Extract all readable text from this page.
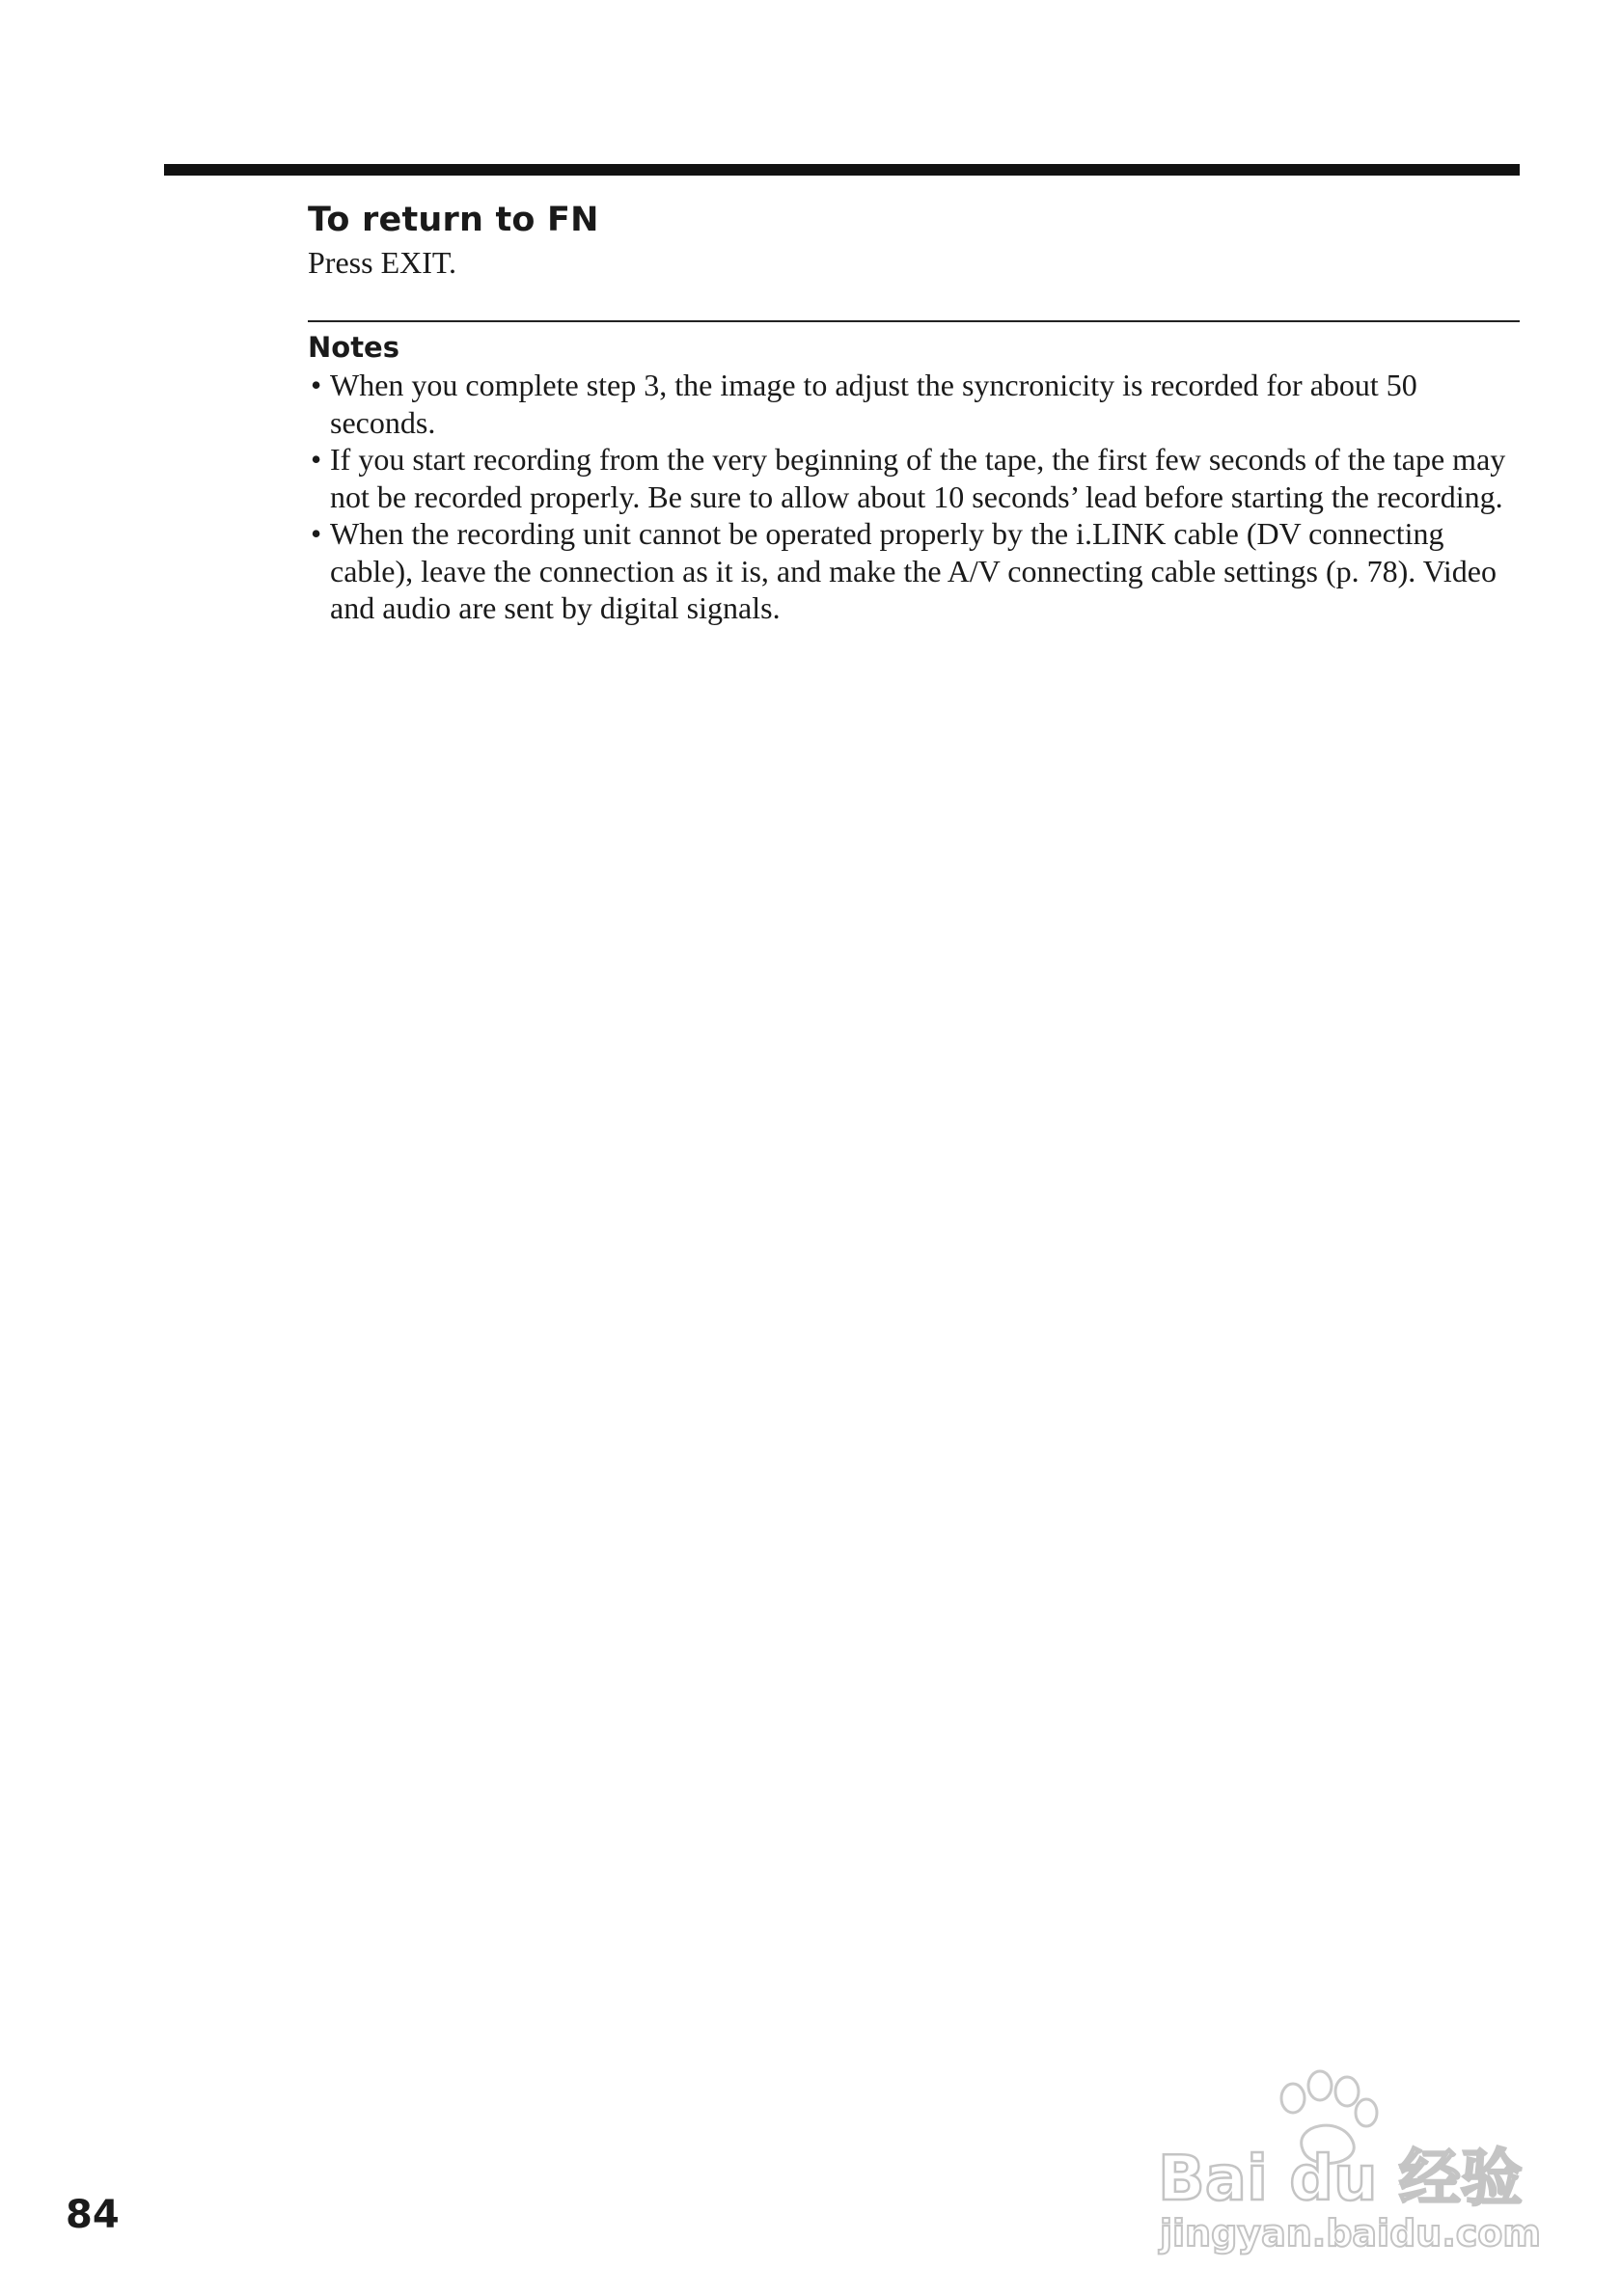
To return to FN

Press EXIT.

Notes
• When you complete step 3, the image to adjust the syncronicity is recorded for about 50 seconds.
• If you start recording from the very beginning of the tape, the first few seconds of the tape may not be recorded properly. Be sure to allow about 10 seconds’ lead before starting the recording.
• When the recording unit cannot be operated properly by the i.LINK cable (DV connecting cable), leave the connection as it is, and make the A/V connecting cable settings (p. 78). Video and audio are sent by digital signals.
84	Bai du 经验
jingyan.baidu.com
